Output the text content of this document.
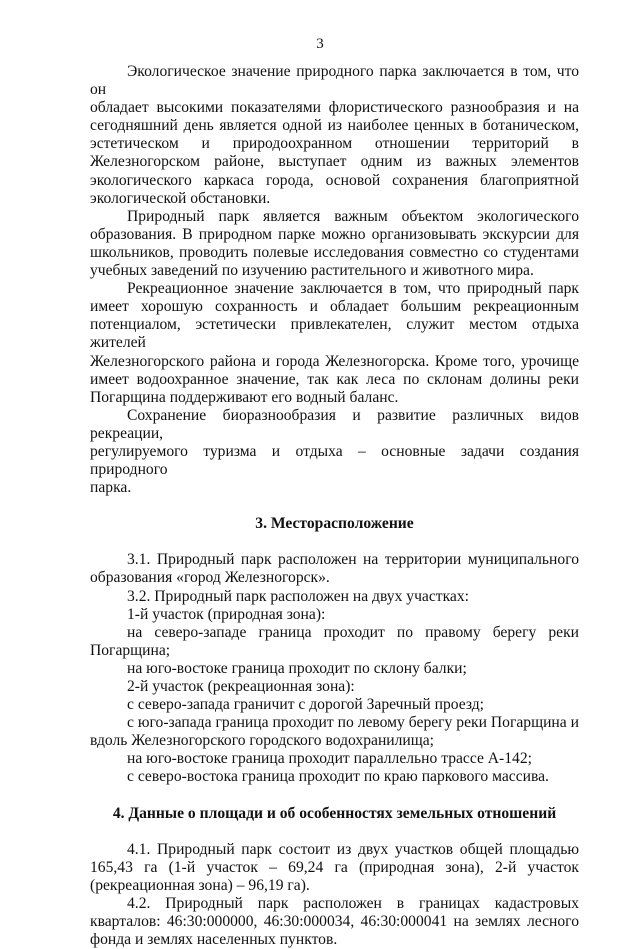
3
Экологическое значение природного парка заключается в том, что он
обладает высокими показателями флористического разнообразия и на
сегодняшний день является одной из наиболее ценных в ботаническом,
эстетическом и природоохранном отношении территорий в
Железногорском районе, выступает одним из важных элементов
экологического каркаса города, основой сохранения благоприятной
экологической обстановки.
Природный парк является важным объектом экологического
образования. В природном парке можно организовывать экскурсии для
школьников, проводить полевые исследования совместно со студентами
учебных заведений по изучению растительного и животного мира.
Рекреационное значение заключается в том, что природный парк
имеет хорошую сохранность и обладает большим рекреационным
потенциалом, эстетически привлекателен, служит местом отдыха жителей
Железногорского района и города Железногорска. Кроме того, урочище
имеет водоохранное значение, так как леса по склонам долины реки
Погарщина поддерживают его водный баланс.
Сохранение биоразнообразия и развитие различных видов рекреации,
регулируемого туризма и отдыха – основные задачи создания природного
парка.
3. Месторасположение
3.1. Природный парк расположен на территории муниципального
образования «город Железногорск».
3.2. Природный парк расположен на двух участках:
1-й участок (природная зона):
на северо-западе граница проходит по правому берегу реки
Погарщина;
на юго-востоке граница проходит по склону балки;
2-й участок (рекреационная зона):
с северо-запада граничит с дорогой Заречный проезд;
с юго-запада граница проходит по левому берегу реки Погарщина и
вдоль Железногорского городского водохранилища;
на юго-востоке граница проходит параллельно трассе А-142;
с северо-востока граница проходит по краю паркового массива.
4. Данные о площади и об особенностях земельных отношений
4.1. Природный парк состоит из двух участков общей площадью
165,43 га (1-й участок – 69,24 га (природная зона), 2-й участок
(рекреационная зона) – 96,19 га).
4.2. Природный парк расположен в границах кадастровых
кварталов: 46:30:000000, 46:30:000034, 46:30:000041 на землях лесного
фонда и землях населенных пунктов.
